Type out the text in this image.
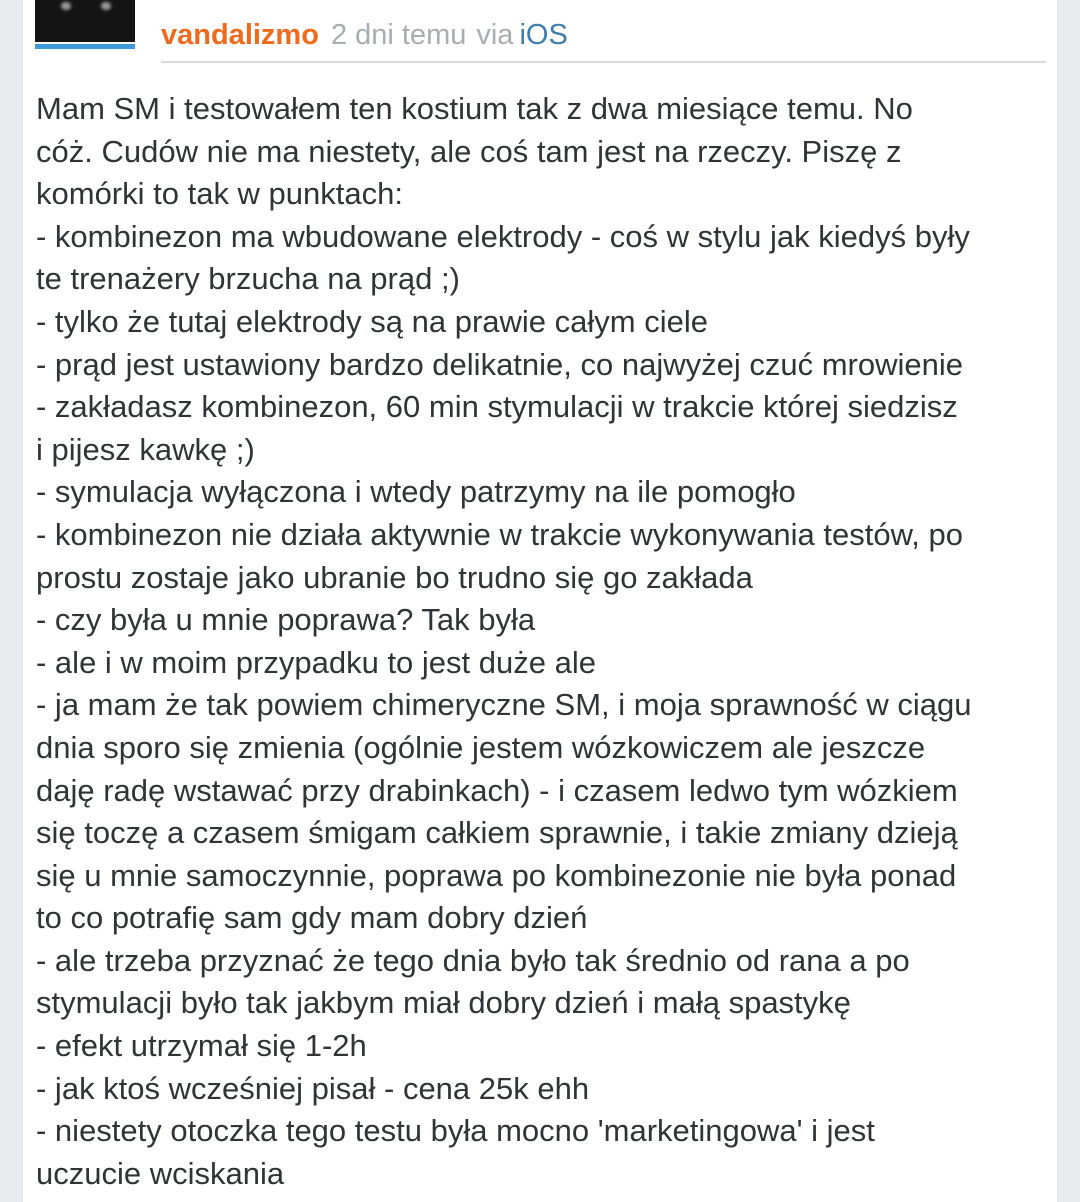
vandalizmo 2 dni temu via iOS
Mam SM i testowałem ten kostium tak z dwa miesiące temu. No
cóż. Cudów nie ma niestety, ale coś tam jest na rzeczy. Piszę z
komórki to tak w punktach:
- kombinezon ma wbudowane elektrody - coś w stylu jak kiedyś były
te trenażery brzucha na prąd ;)
- tylko że tutaj elektrody są na prawie całym ciele
- prąd jest ustawiony bardzo delikatnie, co najwyżej czuć mrowienie
- zakładasz kombinezon, 60 min stymulacji w trakcie której siedzisz
i pijesz kawkę ;)
- symulacja wyłączona i wtedy patrzymy na ile pomogło
- kombinezon nie działa aktywnie w trakcie wykonywania testów, po
prostu zostaje jako ubranie bo trudno się go zakłada
- czy była u mnie poprawa? Tak była
- ale i w moim przypadku to jest duże ale
- ja mam że tak powiem chimeryczne SM, i moja sprawność w ciągu
dnia sporo się zmienia (ogólnie jestem wózkowiczem ale jeszcze
daję radę wstawać przy drabinkach) - i czasem ledwo tym wózkiem
się toczę a czasem śmigam całkiem sprawnie, i takie zmiany dzieją
się u mnie samoczynnie, poprawa po kombinezonie nie była ponad
to co potrafię sam gdy mam dobry dzień
- ale trzeba przyznać że tego dnia było tak średnio od rana a po
stymulacji było tak jakbym miał dobry dzień i małą spastykę
- efekt utrzymał się 1-2h
- jak ktoś wcześniej pisał - cena 25k ehh
- niestety otoczka tego testu była mocno 'marketingowa' i jest
uczucie wciskania
